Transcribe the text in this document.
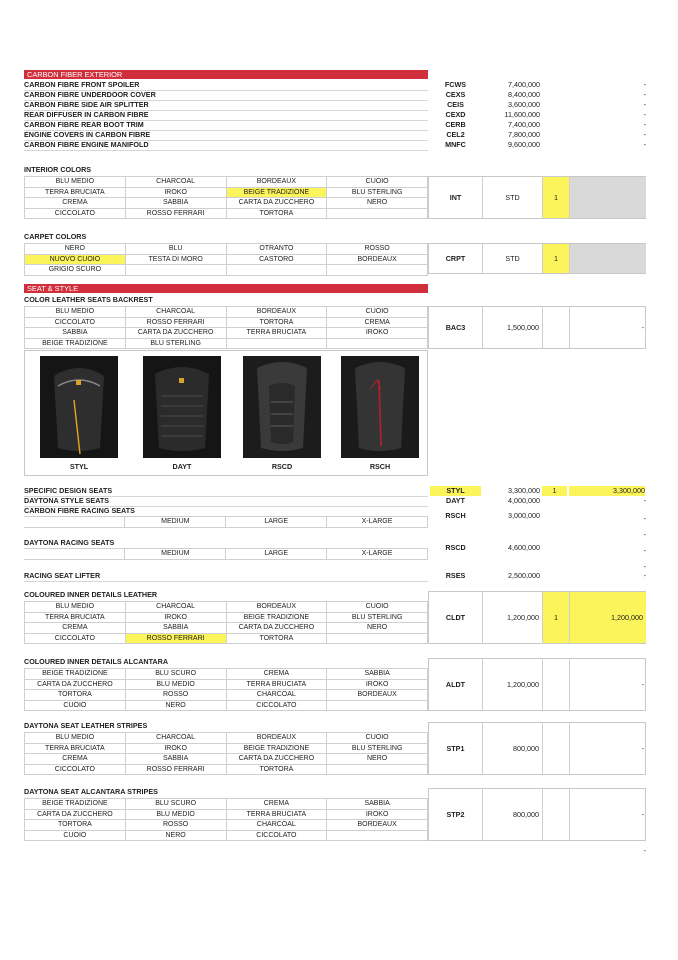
CARBON FIBER EXTERIOR
CARBON FIBRE FRONT SPOILER	FCWS	7,400,000	-
CARBON FIBRE UNDERDOOR COVER	CEXS	8,400,000	-
CARBON FIBRE SIDE AIR SPLITTER	CEIS	3,600,000	-
REAR DIFFUSER IN CARBON FIBRE	CEXD	11,600,000	-
CARBON FIBRE REAR BOOT TRIM	CERB	7,400,000	-
ENGINE COVERS IN CARBON FIBRE	CEL2	7,800,000	-
CARBON FIBRE ENGINE MANIFOLD	MNFC	9,600,000	-
INTERIOR COLORS
BLU MEDIO	CHARCOAL	BORDEAUX	CUOIO
TERRA BRUCIATA	IROKO	BEIGE TRADIZIONE	BLU STERLING
CREMA	SABBIA	CARTA DA ZUCCHERO	NERO
CICCOLATO	ROSSO FERRARI	TORTORA	
INT	STD	1
CARPET COLORS
NERO	BLU	OTRANTO	ROSSO
NUOVO CUOIO	TESTA DI MORO	CASTORO	BORDEAUX
GRIGIO SCURO			
CRPT	STD	1
SEAT & STYLE
COLOR LEATHER SEATS BACKREST
BLU MEDIO	CHARCOAL	BORDEAUX	CUOIO
CICCOLATO	ROSSO FERRARI	TORTORA	CREMA
SABBIA	CARTA DA ZUCCHERO	TERRA BRUCIATA	IROKO
BEIGE TRADIZIONE	BLU STERLING		
BAC3	1,500,000	-
STYL	DAYT	RSCD	RSCH
SPECIFIC DESIGN SEATS	STYL	3,300,000	1	3,300,000
DAYTONA STYLE SEATS	DAYT	4,000,000	-
CARBON FIBRE RACING SEATS
	MEDIUM	LARGE	X-LARGE
RSCH	3,000,000	-
-
DAYTONA RACING SEATS
	MEDIUM	LARGE	X-LARGE
RSCD	4,600,000	-
-
RACING SEAT LIFTER	RSES	2,500,000	-
COLOURED INNER DETAILS LEATHER
BLU MEDIO	CHARCOAL	BORDEAUX	CUOIO
TERRA BRUCIATA	IROKO	BEIGE TRADIZIONE	BLU STERLING
CREMA	SABBIA	CARTA DA ZUCCHERO	NERO
CICCOLATO	ROSSO FERRARI	TORTORA	
CLDT	1,200,000	1	1,200,000
COLOURED INNER DETAILS ALCANTARA
BEIGE TRADIZIONE	BLU SCURO	CREMA	SABBIA
CARTA DA ZUCCHERO	BLU MEDIO	TERRA BRUCIATA	IROKO
TORTORA	ROSSO	CHARCOAL	BORDEAUX
CUOIO	NERO	CICCOLATO	
ALDT	1,200,000	-
DAYTONA SEAT LEATHER STRIPES
BLU MEDIO	CHARCOAL	BORDEAUX	CUOIO
TERRA BRUCIATA	IROKO	BEIGE TRADIZIONE	BLU STERLING
CREMA	SABBIA	CARTA DA ZUCCHERO	NERO
CICCOLATO	ROSSO FERRARI	TORTORA	
STP1	800,000	-
DAYTONA SEAT ALCANTARA STRIPES
BEIGE TRADIZIONE	BLU SCURO	CREMA	SABBIA
CARTA DA ZUCCHERO	BLU MEDIO	TERRA BRUCIATA	IROKO
TORTORA	ROSSO	CHARCOAL	BORDEAUX
CUOIO	NERO	CICCOLATO	
STP2	800,000	-
-
